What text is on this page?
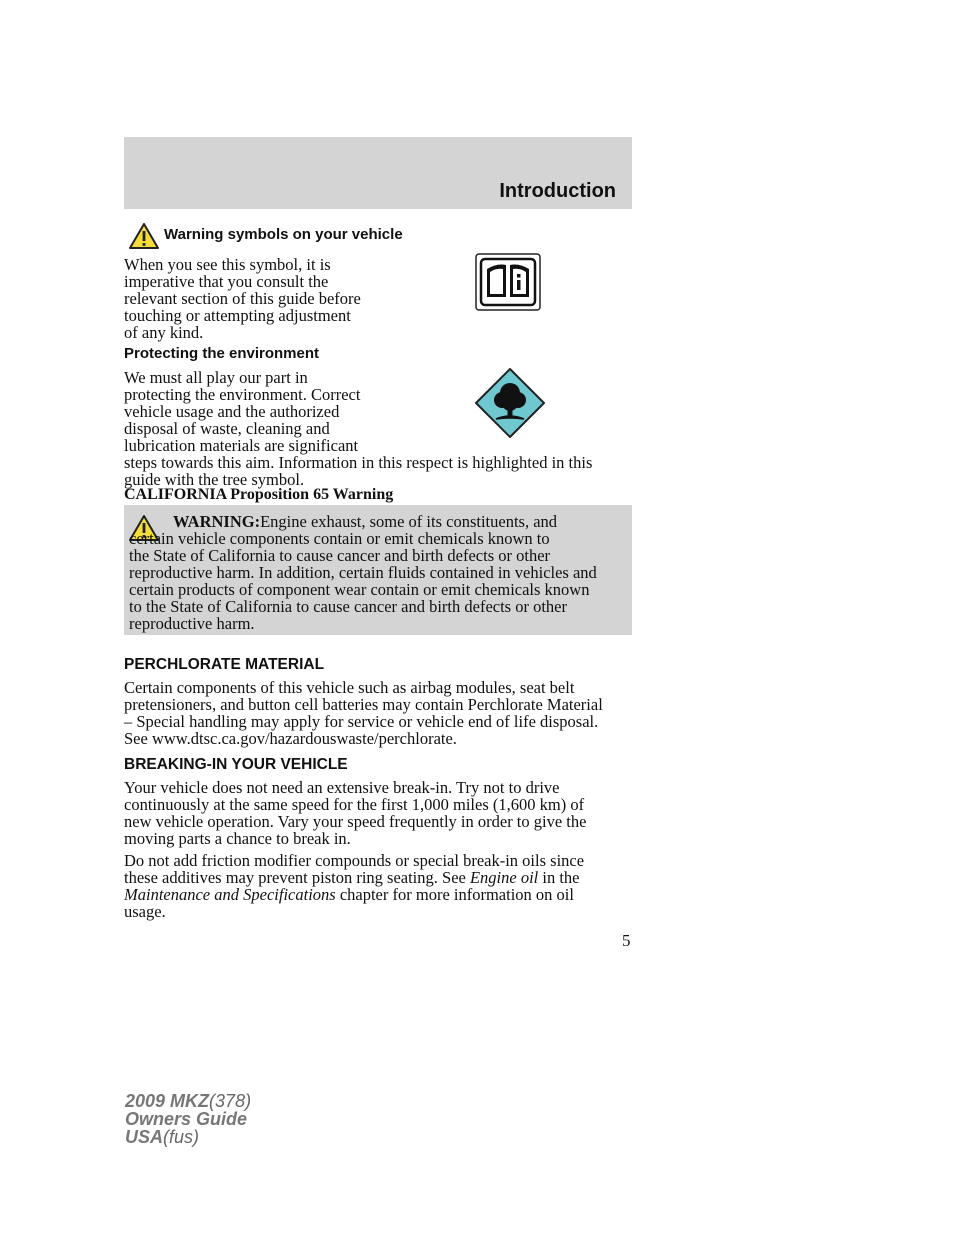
Introduction
Warning symbols on your vehicle

When you see this symbol, it is

imperative that you consult the

relevant section of this guide before

touching or attempting adjustment

of any kind.

Protecting the environment

We must all play our part in

protecting the environment. Correct

vehicle usage and the authorized

disposal of waste, cleaning and

lubrication materials are significant

steps towards this aim. Information in this respect is highlighted in this

guide with the tree symbol.

CALIFORNIA Proposition 65 Warning
WARNING:Engine exhaust, some of its constituents, and

certain vehicle components contain or emit chemicals known to

the State of California to cause cancer and birth defects or other

reproductive harm. In addition, certain fluids contained in vehicles and

certain products of component wear contain or emit chemicals known

to the State of California to cause cancer and birth defects or other

reproductive harm.

PERCHLORATE MATERIAL

Certain components of this vehicle such as airbag modules, seat belt

pretensioners, and button cell batteries may contain Perchlorate Material

– Special handling may apply for service or vehicle end of life disposal.

See www.dtsc.ca.gov/hazardouswaste/perchlorate.

BREAKING-IN YOUR VEHICLE

Your vehicle does not need an extensive break-in. Try not to drive

continuously at the same speed for the first 1,000 miles (1,600 km) of

new vehicle operation. Vary your speed frequently in order to give the

moving parts a chance to break in.

Do not add friction modifier compounds or special break-in oils since

these additives may prevent piston ring seating. See Engine oil in the

Maintenance and Specifications chapter for more information on oil

usage.

5
2009 MKZ(378)
Owners Guide
USA(fus)
